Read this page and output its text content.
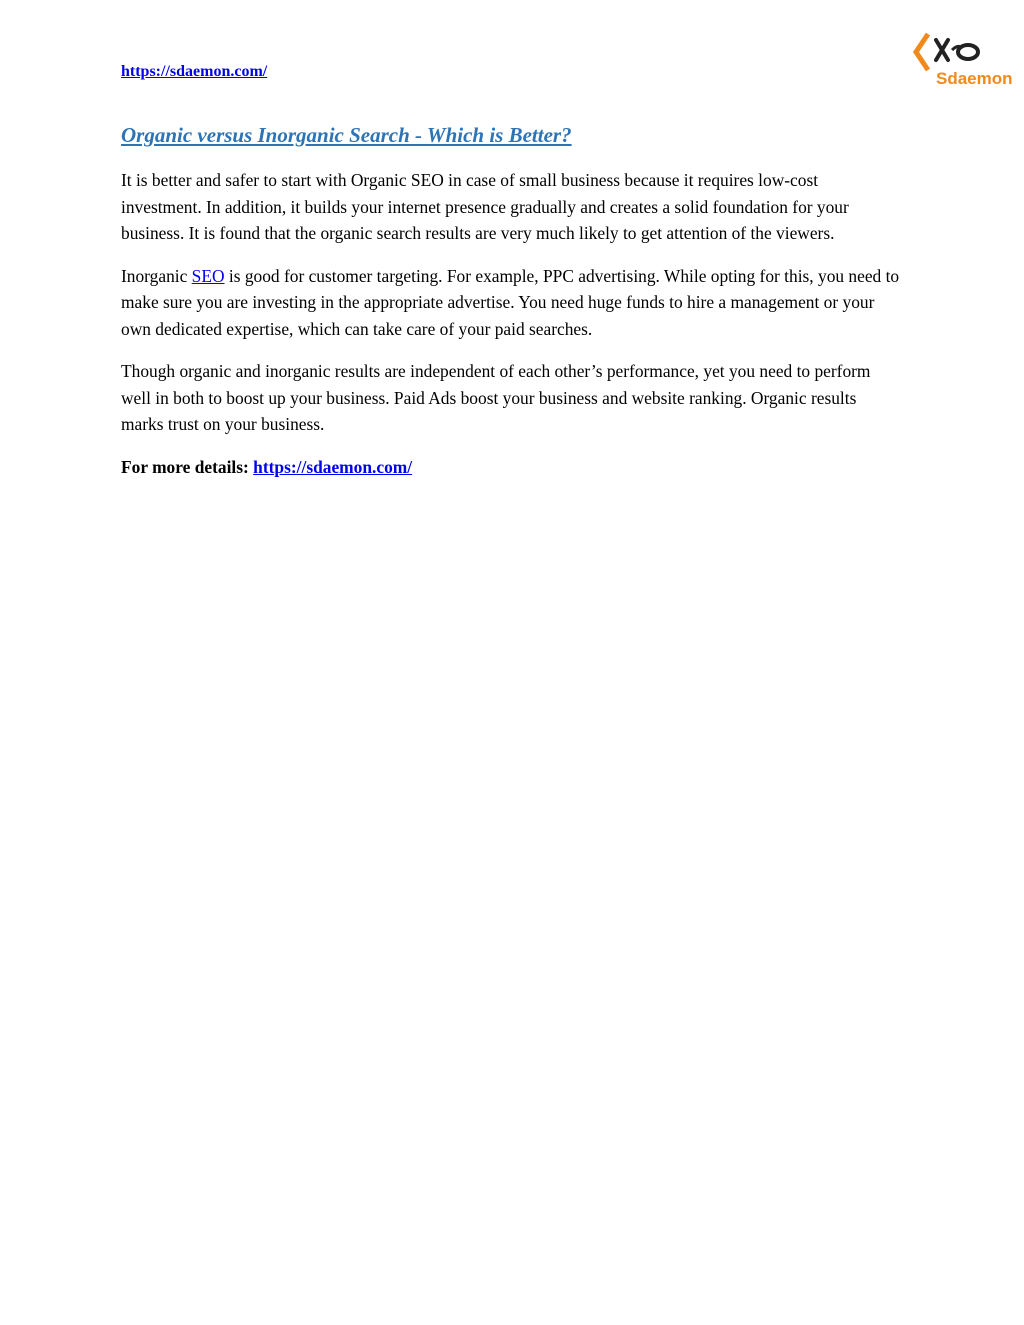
https://sdaemon.com/	Sdaemon
Organic versus Inorganic Search - Which is Better?

It is better and safer to start with Organic SEO in case of small business because it requires low-cost investment. In addition, it builds your internet presence gradually and creates a solid foundation for your business. It is found that the organic search results are very much likely to get attention of the viewers.

Inorganic SEO is good for customer targeting. For example, PPC advertising. While opting for this, you need to make sure you are investing in the appropriate advertise. You need huge funds to hire a management or your own dedicated expertise, which can take care of your paid searches.

Though organic and inorganic results are independent of each other’s performance, yet you need to perform well in both to boost up your business. Paid Ads boost your business and website ranking. Organic results marks trust on your business.

For more details: https://sdaemon.com/
